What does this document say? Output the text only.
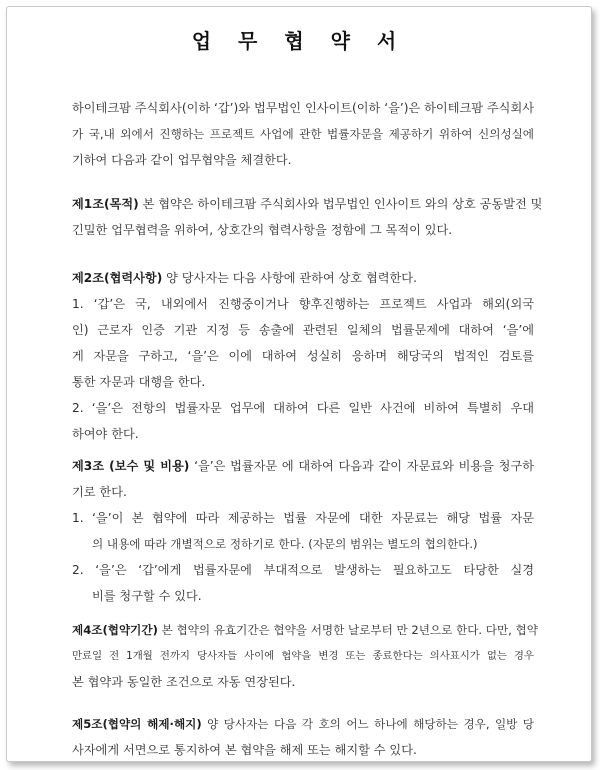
업 무 협 약 서
하이테크팜 주식회사(이하 ‘갑’)와 법무법인 인사이트(이하 ‘을’)은 하이테크팜 주식회사
가 국,내 외에서 진행하는 프로젝트 사업에 관한 법률자문을 제공하기 위하여 신의성실에
기하여 다음과 같이 업무협약을 체결한다.
제1조(목적) 본 협약은 하이테크팜 주식회사와 법무법인 인사이트 와의 상호 공동발전 및
긴밀한 업무협력을 위하여, 상호간의 협력사항을 정함에 그 목적이 있다.
제2조(협력사항) 양 당사자는 다음 사항에 관하여 상호 협력한다.
1. ‘갑’은 국, 내외에서 진행중이거나 향후진행하는 프로젝트 사업과 해외(외국
인) 근로자 인증 기관 지정 등 송출에 관련된 일체의 법률문제에 대하여 ‘을’에
게 자문을 구하고, ‘을’은 이에 대하여 성실히 응하며 해당국의 법적인 검토를
통한 자문과 대행을 한다.
2. ‘을’은 전항의 법률자문 업무에 대하여 다른 일반 사건에 비하여 특별히 우대
하여야 한다.
제3조 (보수 및 비용) ‘을’은 법률자문 에 대하여 다음과 같이 자문료와 비용을 청구하
기로 한다.
1. ‘을’이 본 협약에 따라 제공하는 법률 자문에 대한 자문료는 해당 법률 자문
의 내용에 따라 개별적으로 정하기로 한다. (자문의 범위는 별도의 협의한다.)
2. ‘을’은 ‘갑’에게 법률자문에 부대적으로 발생하는 필요하고도 타당한 실경
비를 청구할 수 있다.
제4조(협약기간) 본 협약의 유효기간은 협약을 서명한 날로부터 만 2년으로 한다. 다만, 협약
만료일 전 1개월 전까지 당사자들 사이에 협약을 변경 또는 종료한다는 의사표시가 없는 경우
본 협약과 동일한 조건으로 자동 연장된다.
제5조(협약의 해제·해지) 양 당사자는 다음 각 호의 어느 하나에 해당하는 경우, 일방 당
사자에게 서면으로 통지하여 본 협약을 해제 또는 해지할 수 있다.
